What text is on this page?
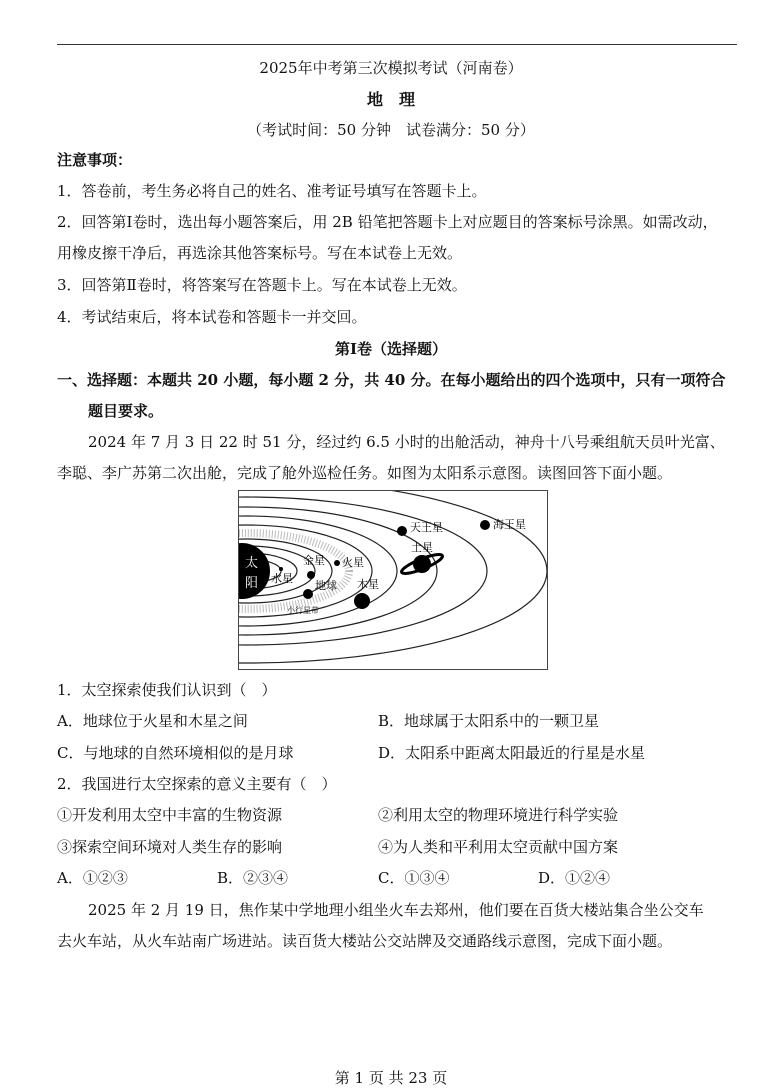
2025年中考第三次模拟考试（河南卷）
地　理
（考试时间：50 分钟　试卷满分：50 分）
注意事项：
1．答卷前，考生务必将自己的姓名、准考证号填写在答题卡上。
2．回答第Ⅰ卷时，选出每小题答案后，用 2B 铅笔把答题卡上对应题目的答案标号涂黑。如需改动，
用橡皮擦干净后，再选涂其他答案标号。写在本试卷上无效。
3．回答第Ⅱ卷时，将答案写在答题卡上。写在本试卷上无效。
4．考试结束后，将本试卷和答题卡一并交回。
第Ⅰ卷（选择题）
一、选择题：本题共 20 小题，每小题 2 分，共 40 分。在每小题给出的四个选项中，只有一项符合
题目要求。
2024 年 7 月 3 日 22 时 51 分，经过约 6.5 小时的出舱活动，神舟十八号乘组航天员叶光富、
李聪、李广苏第二次出舱，完成了舱外巡检任务。如图为太阳系示意图。读图回答下面小题。
太
阳 水星
金星
地球
火星
小行星带
木星
土星
天王星	海王星
1．太空探索使我们认识到（　）
A．地球位于火星和木星之间	B．地球属于太阳系中的一颗卫星
C．与地球的自然环境相似的是月球	D．太阳系中距离太阳最近的行星是水星
2．我国进行太空探索的意义主要有（　）
①开发利用太空中丰富的生物资源	②利用太空的物理环境进行科学实验
③探索空间环境对人类生存的影响	④为人类和平利用太空贡献中国方案
A．①②③	B．②③④	C．①③④	D．①②④
2025 年 2 月 19 日，焦作某中学地理小组坐火车去郑州，他们要在百货大楼站集合坐公交车
去火车站，从火车站南广场进站。读百货大楼站公交站牌及交通路线示意图，完成下面小题。
第 1 页 共 23 页
